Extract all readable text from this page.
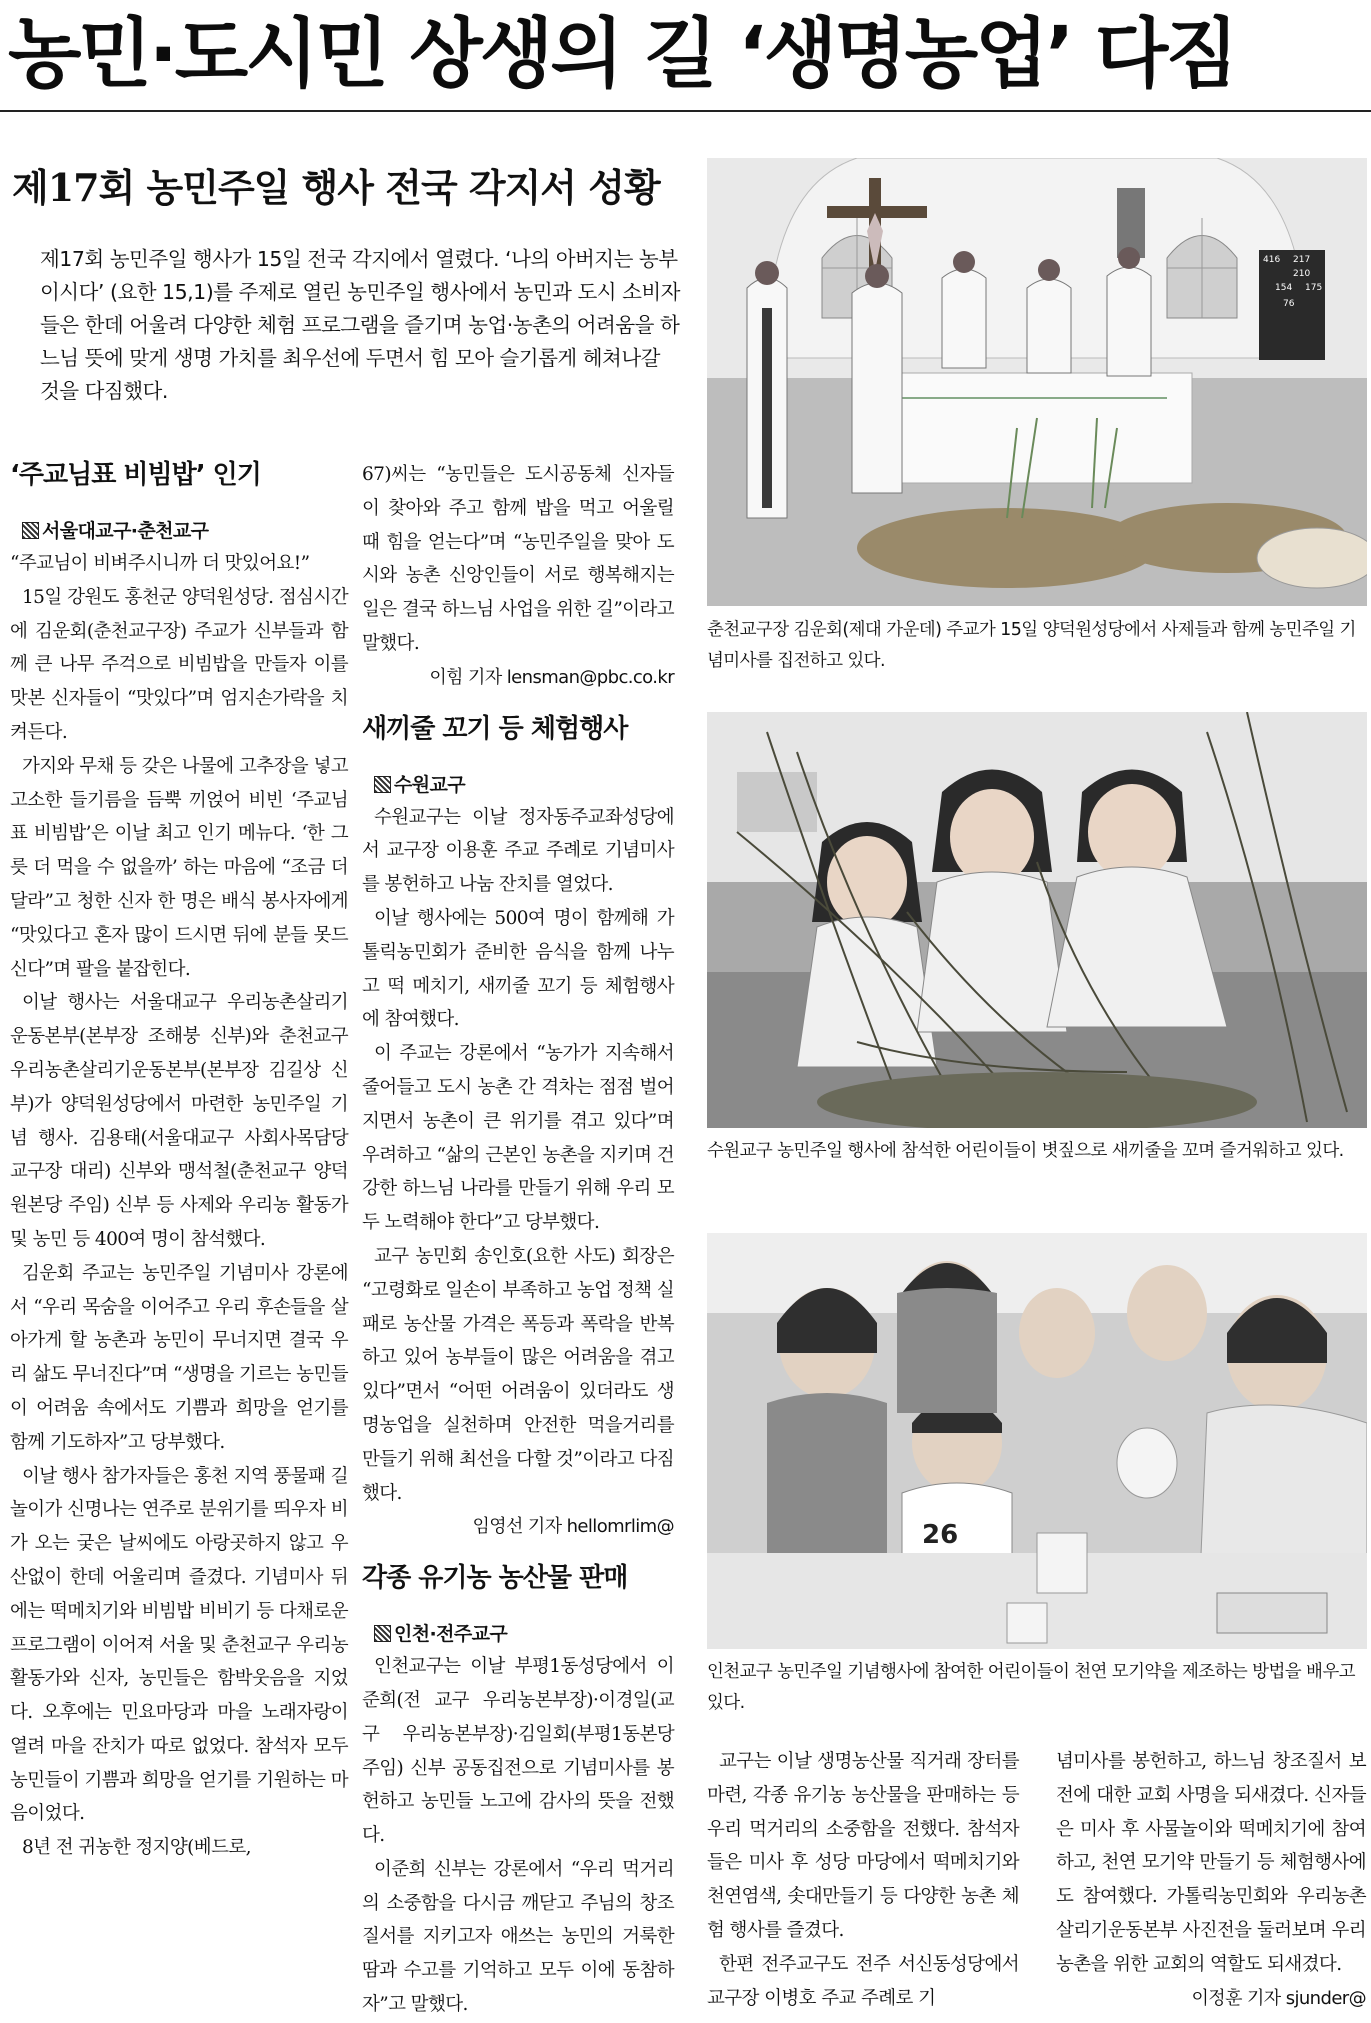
농민·도시민 상생의 길 ‘생명농업’ 다짐
제17회 농민주일 행사 전국 각지서 성황

제17회 농민주일 행사가 15일 전국 각지에서 열렸다. ‘나의 아버지는 농부이시다’ (요한 15,1)를 주제로 열린 농민주일 행사에서 농민과 도시 소비자들은 한데 어울려 다양한 체험 프로그램을 즐기며 농업·농촌의 어려움을 하느님 뜻에 맞게 생명 가치를 최우선에 두면서 힘 모아 슬기롭게 헤쳐나갈 것을 다짐했다.

‘주교님표 비빔밥’ 인기

서울대교구·춘천교구

“주교님이 비벼주시니까 더 맛있어요!”

15일 강원도 홍천군 양덕원성당. 점심시간에 김운회(춘천교구장) 주교가 신부들과 함께 큰 나무 주걱으로 비빔밥을 만들자 이를 맛본 신자들이 “맛있다”며 엄지손가락을 치켜든다.

가지와 무채 등 갖은 나물에 고추장을 넣고 고소한 들기름을 듬뿍 끼얹어 비빈 ‘주교님표 비빔밥’은 이날 최고 인기 메뉴다. ‘한 그릇 더 먹을 수 없을까’ 하는 마음에 “조금 더 달라”고 청한 신자 한 명은 배식 봉사자에게 “맛있다고 혼자 많이 드시면 뒤에 분들 못드신다”며 팔을 붙잡힌다.

이날 행사는 서울대교구 우리농촌살리기운동본부(본부장 조해붕 신부)와 춘천교구 우리농촌살리기운동본부(본부장 김길상 신부)가 양덕원성당에서 마련한 농민주일 기념 행사. 김용태(서울대교구 사회사목담당 교구장 대리) 신부와 맹석철(춘천교구 양덕원본당 주임) 신부 등 사제와 우리농 활동가 및 농민 등 400여 명이 참석했다.

김운회 주교는 농민주일 기념미사 강론에서 “우리 목숨을 이어주고 우리 후손들을 살아가게 할 농촌과 농민이 무너지면 결국 우리 삶도 무너진다”며 “생명을 기르는 농민들이 어려움 속에서도 기쁨과 희망을 얻기를 함께 기도하자”고 당부했다.

이날 행사 참가자들은 홍천 지역 풍물패 길놀이가 신명나는 연주로 분위기를 띄우자 비가 오는 궂은 날씨에도 아랑곳하지 않고 우산없이 한데 어울리며 즐겼다. 기념미사 뒤에는 떡메치기와 비빔밥 비비기 등 다채로운 프로그램이 이어져 서울 및 춘천교구 우리농 활동가와 신자, 농민들은 함박웃음을 지었다. 오후에는 민요마당과 마을 노래자랑이 열려 마을 잔치가 따로 없었다. 참석자 모두 농민들이 기쁨과 희망을 얻기를 기원하는 마음이었다.

8년 전 귀농한 정지양(베드로,

67)씨는 “농민들은 도시공동체 신자들이 찾아와 주고 함께 밥을 먹고 어울릴 때 힘을 얻는다”며 “농민주일을 맞아 도시와 농촌 신앙인들이 서로 행복해지는 일은 결국 하느님 사업을 위한 길”이라고 말했다.

이힘 기자 lensman@pbc.co.kr

새끼줄 꼬기 등 체험행사

수원교구

수원교구는 이날 정자동주교좌성당에서 교구장 이용훈 주교 주례로 기념미사를 봉헌하고 나눔 잔치를 열었다.

이날 행사에는 500여 명이 함께해 가톨릭농민회가 준비한 음식을 함께 나누고 떡 메치기, 새끼줄 꼬기 등 체험행사에 참여했다.

이 주교는 강론에서 “농가가 지속해서 줄어들고 도시 농촌 간 격차는 점점 벌어지면서 농촌이 큰 위기를 겪고 있다”며 우려하고 “삶의 근본인 농촌을 지키며 건강한 하느님 나라를 만들기 위해 우리 모두 노력해야 한다”고 당부했다.

교구 농민회 송인호(요한 사도) 회장은 “고령화로 일손이 부족하고 농업 정책 실패로 농산물 가격은 폭등과 폭락을 반복하고 있어 농부들이 많은 어려움을 겪고 있다”면서 “어떤 어려움이 있더라도 생명농업을 실천하며 안전한 먹을거리를 만들기 위해 최선을 다할 것”이라고 다짐했다.

임영선 기자 hellomrlim@

각종 유기농 농산물 판매

인천·전주교구

인천교구는 이날 부평1동성당에서 이준희(전 교구 우리농본부장)·이경일(교구 우리농본부장)·김일회(부평1동본당 주임) 신부 공동집전으로 기념미사를 봉헌하고 농민들 노고에 감사의 뜻을 전했다.

이준희 신부는 강론에서 “우리 먹거리의 소중함을 다시금 깨닫고 주님의 창조질서를 지키고자 애쓰는 농민의 거룩한 땀과 수고를 기억하고 모두 이에 동참하자”고 말했다.

교구는 이날 생명농산물 직거래 장터를 마련, 각종 유기농 농산물을 판매하는 등 우리 먹거리의 소중함을 전했다. 참석자들은 미사 후 성당 마당에서 떡메치기와 천연염색, 솟대만들기 등 다양한 농촌 체험 행사를 즐겼다.

한편 전주교구도 전주 서신동성당에서 교구장 이병호 주교 주례로 기

념미사를 봉헌하고, 하느님 창조질서 보전에 대한 교회 사명을 되새겼다. 신자들은 미사 후 사물놀이와 떡메치기에 참여하고, 천연 모기약 만들기 등 체험행사에도 참여했다. 가톨릭농민회와 우리농촌살리기운동본부 사진전을 둘러보며 우리 농촌을 위한 교회의 역할도 되새겼다.

이정훈 기자 sjunder@

416 217
210
154 175
76

춘천교구장 김운회(제대 가운데) 주교가 15일 양덕원성당에서 사제들과 함께 농민주일 기념미사를 집전하고 있다.

수원교구 농민주일 행사에 참석한 어린이들이 볏짚으로 새끼줄을 꼬며 즐거워하고 있다.

26

인천교구 농민주일 기념행사에 참여한 어린이들이 천연 모기약을 제조하는 방법을 배우고 있다.
